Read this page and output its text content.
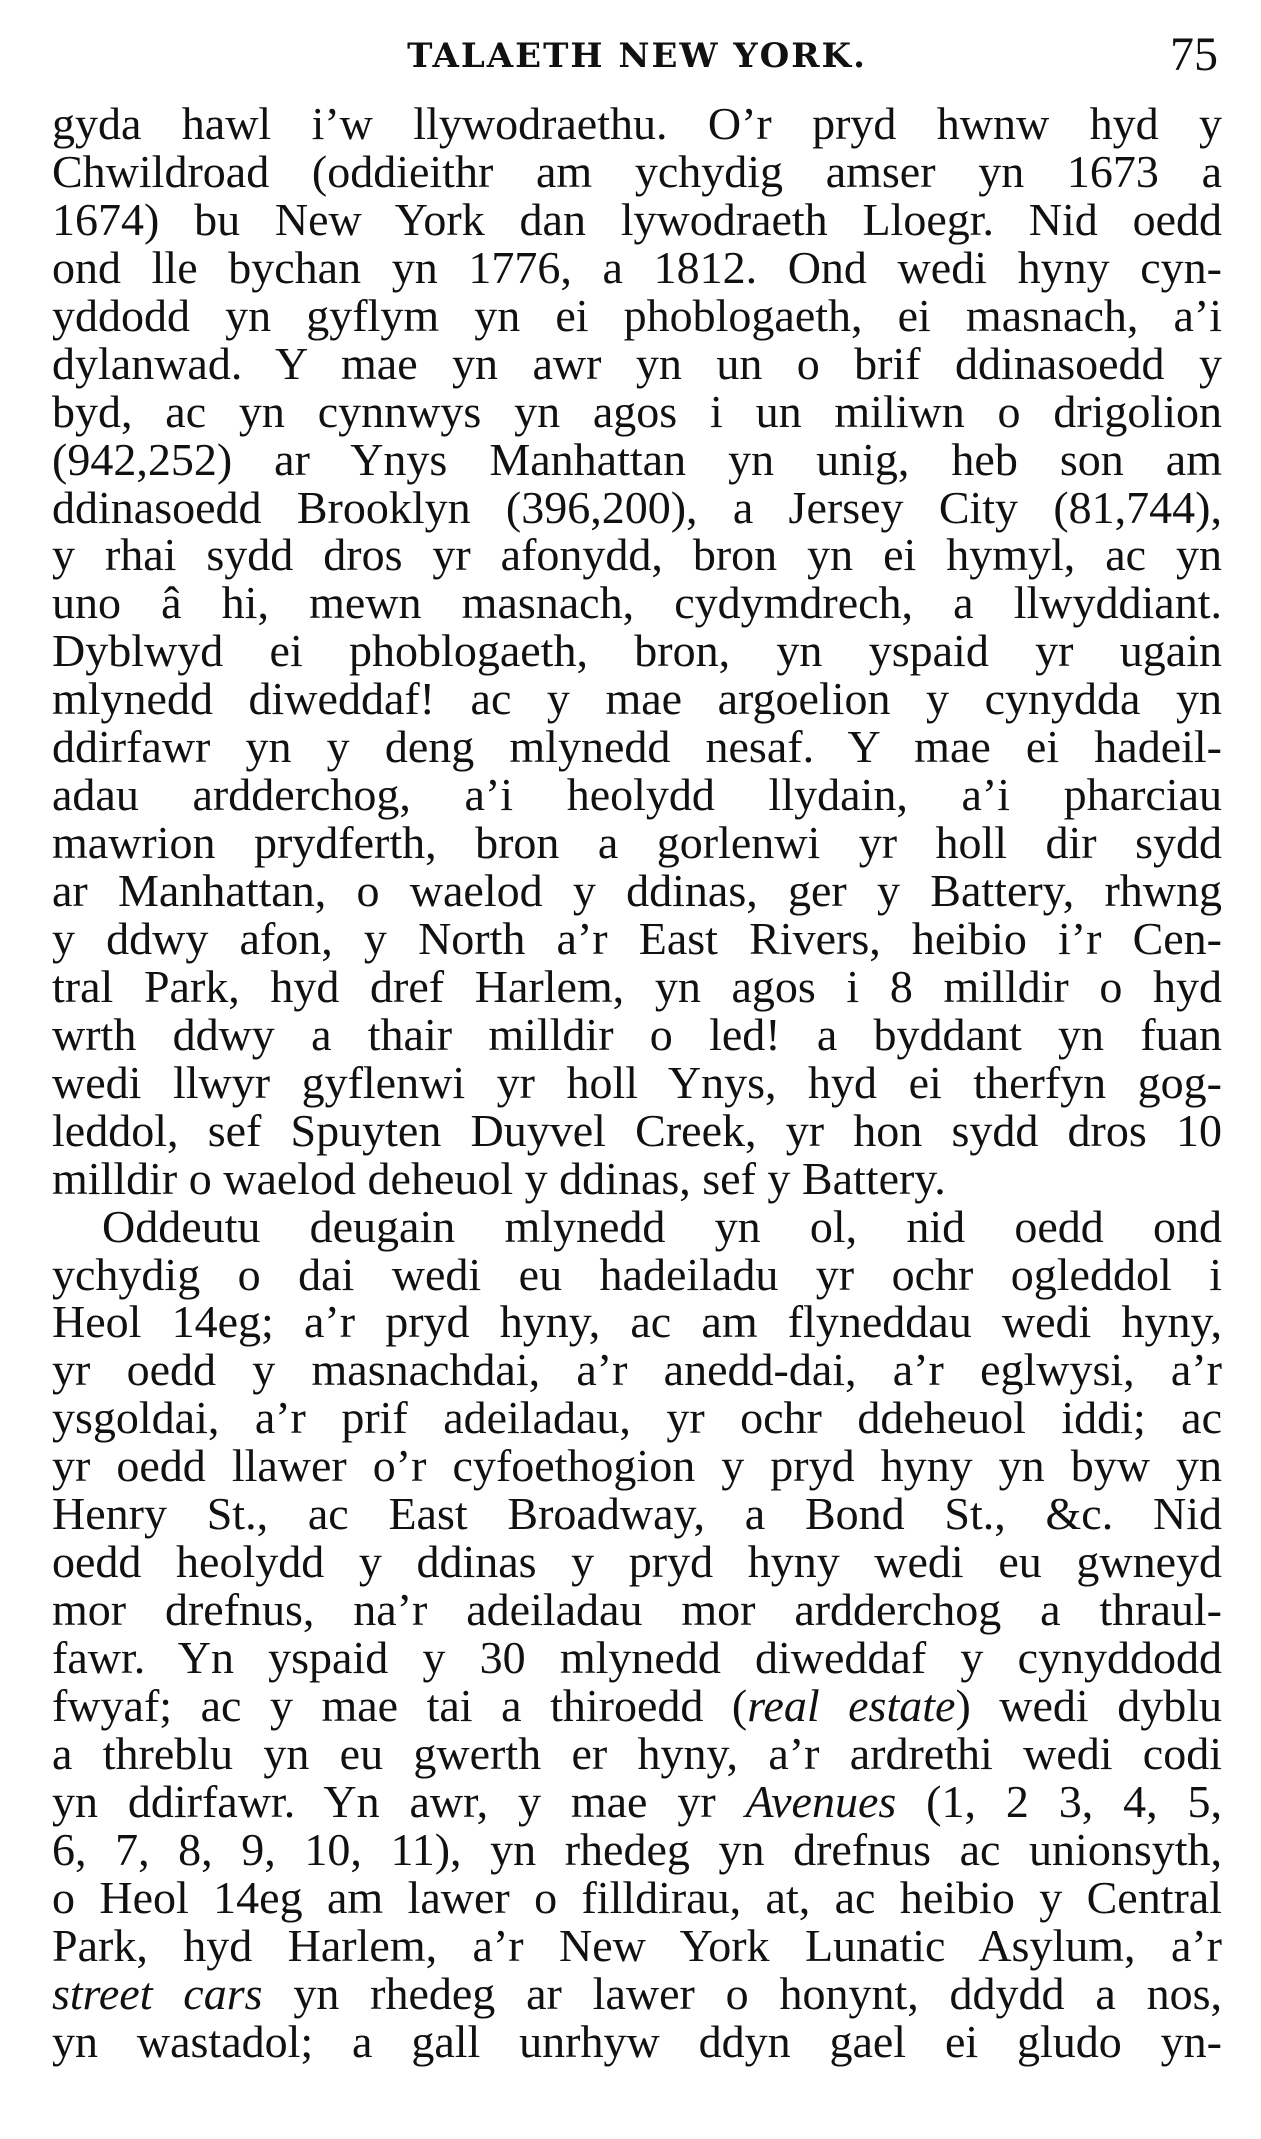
TALAETH NEW YORK.	75
gyda hawl i’w llywodraethu. O’r pryd hwnw hyd y
Chwildroad (oddieithr am ychydig amser yn 1673 a
1674) bu New York dan lywodraeth Lloegr. Nid oedd
ond lle bychan yn 1776, a 1812. Ond wedi hyny cyn-
yddodd yn gyflym yn ei phoblogaeth, ei masnach, a’i
dylanwad. Y mae yn awr yn un o brif ddinasoedd y
byd, ac yn cynnwys yn agos i un miliwn o drigolion
(942,252) ar Ynys Manhattan yn unig, heb son am
ddinasoedd Brooklyn (396,200), a Jersey City (81,744),
y rhai sydd dros yr afonydd, bron yn ei hymyl, ac yn
uno â hi, mewn masnach, cydymdrech, a llwyddiant.
Dyblwyd ei phoblogaeth, bron, yn yspaid yr ugain
mlynedd diweddaf! ac y mae argoelion y cynydda yn
ddirfawr yn y deng mlynedd nesaf. Y mae ei hadeil-
adau ardderchog, a’i heolydd llydain, a’i pharciau
mawrion prydferth, bron a gorlenwi yr holl dir sydd
ar Manhattan, o waelod y ddinas, ger y Battery, rhwng
y ddwy afon, y North a’r East Rivers, heibio i’r Cen-
tral Park, hyd dref Harlem, yn agos i 8 milldir o hyd
wrth ddwy a thair milldir o led! a byddant yn fuan
wedi llwyr gyflenwi yr holl Ynys, hyd ei therfyn gog-
leddol, sef Spuyten Duyvel Creek, yr hon sydd dros 10
milldir o waelod deheuol y ddinas, sef y Battery.
Oddeutu deugain mlynedd yn ol, nid oedd ond
ychydig o dai wedi eu hadeiladu yr ochr ogleddol i
Heol 14eg; a’r pryd hyny, ac am flyneddau wedi hyny,
yr oedd y masnachdai, a’r anedd-dai, a’r eglwysi, a’r
ysgoldai, a’r prif adeiladau, yr ochr ddeheuol iddi; ac
yr oedd llawer o’r cyfoethogion y pryd hyny yn byw yn
Henry St., ac East Broadway, a Bond St., &c. Nid
oedd heolydd y ddinas y pryd hyny wedi eu gwneyd
mor drefnus, na’r adeiladau mor ardderchog a thraul-
fawr. Yn yspaid y 30 mlynedd diweddaf y cynyddodd
fwyaf; ac y mae tai a thiroedd (real estate) wedi dyblu
a threblu yn eu gwerth er hyny, a’r ardrethi wedi codi
yn ddirfawr. Yn awr, y mae yr Avenues (1, 2 3, 4, 5,
6, 7, 8, 9, 10, 11), yn rhedeg yn drefnus ac unionsyth,
o Heol 14eg am lawer o filldirau, at, ac heibio y Central
Park, hyd Harlem, a’r New York Lunatic Asylum, a’r
street cars yn rhedeg ar lawer o honynt, ddydd a nos,
yn wastadol; a gall unrhyw ddyn gael ei gludo yn-
